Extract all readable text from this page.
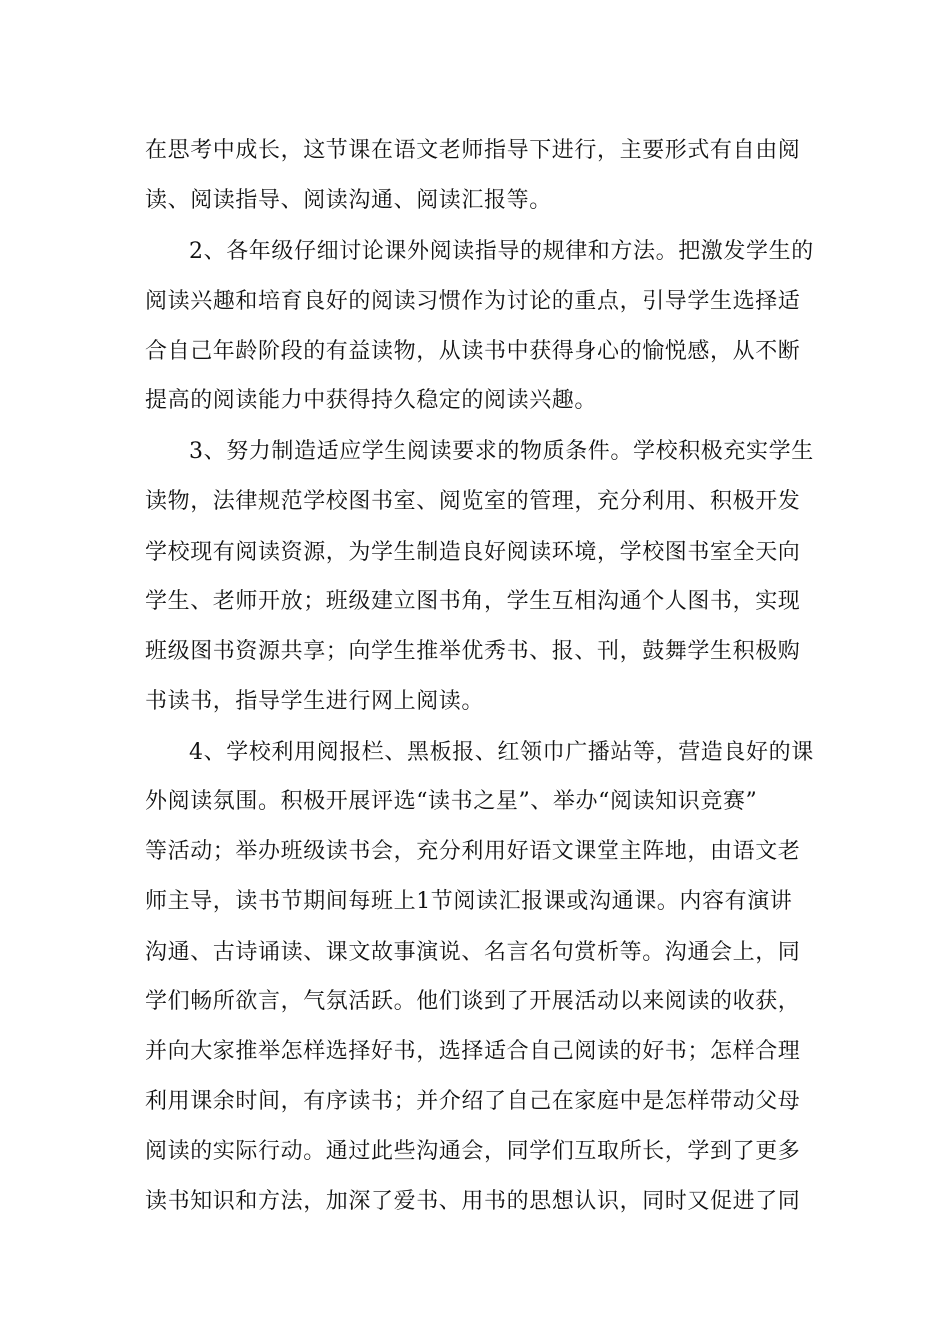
在思考中成长，这节课在语文老师指导下进行，主要形式有自由阅
读、阅读指导、阅读沟通、阅读汇报等。
2、各年级仔细讨论课外阅读指导的规律和方法。把激发学生的
阅读兴趣和培育良好的阅读习惯作为讨论的重点，引导学生选择适
合自己年龄阶段的有益读物，从读书中获得身心的愉悦感，从不断
提高的阅读能力中获得持久稳定的阅读兴趣。
3、努力制造适应学生阅读要求的物质条件。学校积极充实学生
读物，法律规范学校图书室、阅览室的管理，充分利用、积极开发
学校现有阅读资源，为学生制造良好阅读环境，学校图书室全天向
学生、老师开放；班级建立图书角，学生互相沟通个人图书，实现
班级图书资源共享；向学生推举优秀书、报、刊，鼓舞学生积极购
书读书，指导学生进行网上阅读。
4、学校利用阅报栏、黑板报、红领巾广播站等，营造良好的课
外阅读氛围。积极开展评选“读书之星”、举办“阅读知识竞赛”
等活动；举办班级读书会，充分利用好语文课堂主阵地，由语文老
师主导，读书节期间每班上1节阅读汇报课或沟通课。内容有演讲
沟通、古诗诵读、课文故事演说、名言名句赏析等。沟通会上，同
学们畅所欲言，气氛活跃。他们谈到了开展活动以来阅读的收获，
并向大家推举怎样选择好书，选择适合自己阅读的好书；怎样合理
利用课余时间，有序读书；并介绍了自己在家庭中是怎样带动父母
阅读的实际行动。通过此些沟通会，同学们互取所长，学到了更多
读书知识和方法，加深了爱书、用书的思想认识，同时又促进了同
